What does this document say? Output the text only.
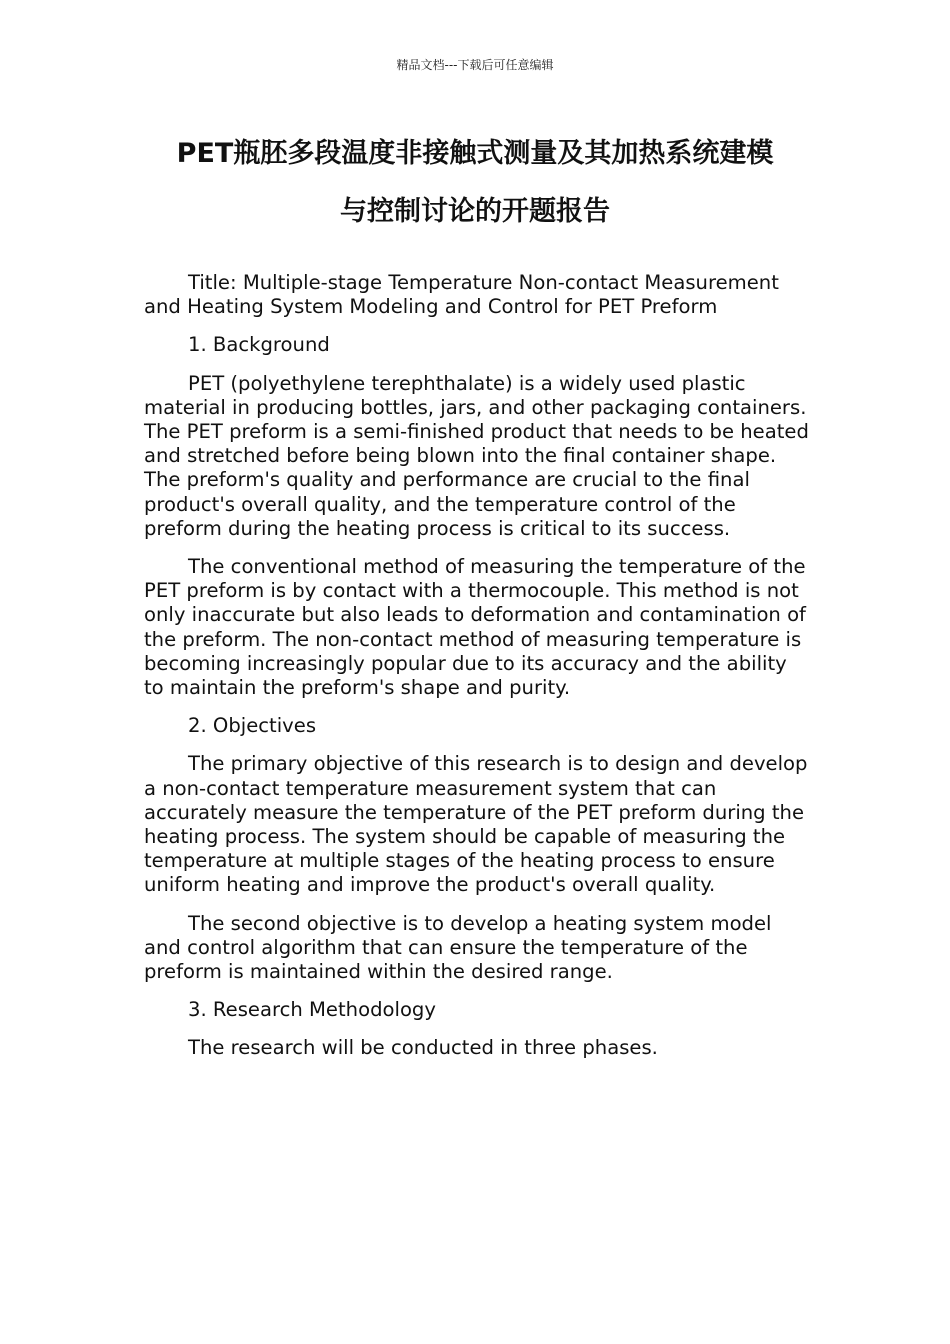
精品文档---下载后可任意编辑
PET瓶胚多段温度非接触式测量及其加热系统建模
与控制讨论的开题报告

Title: Multiple-stage Temperature Non-contact Measurement and Heating System Modeling and Control for PET Preform

1. Background

PET (polyethylene terephthalate) is a widely used plastic material in producing bottles, jars, and other packaging containers. The PET preform is a semi-finished product that needs to be heated and stretched before being blown into the final container shape. The preform's quality and performance are crucial to the final product's overall quality, and the temperature control of the preform during the heating process is critical to its success.

The conventional method of measuring the temperature of the PET preform is by contact with a thermocouple. This method is not only inaccurate but also leads to deformation and contamination of the preform. The non-contact method of measuring temperature is becoming increasingly popular due to its accuracy and the ability to maintain the preform's shape and purity.

2. Objectives

The primary objective of this research is to design and develop a non-contact temperature measurement system that can accurately measure the temperature of the PET preform during the heating process. The system should be capable of measuring the temperature at multiple stages of the heating process to ensure uniform heating and improve the product's overall quality.

The second objective is to develop a heating system model and control algorithm that can ensure the temperature of the preform is maintained within the desired range.

3. Research Methodology

The research will be conducted in three phases.
